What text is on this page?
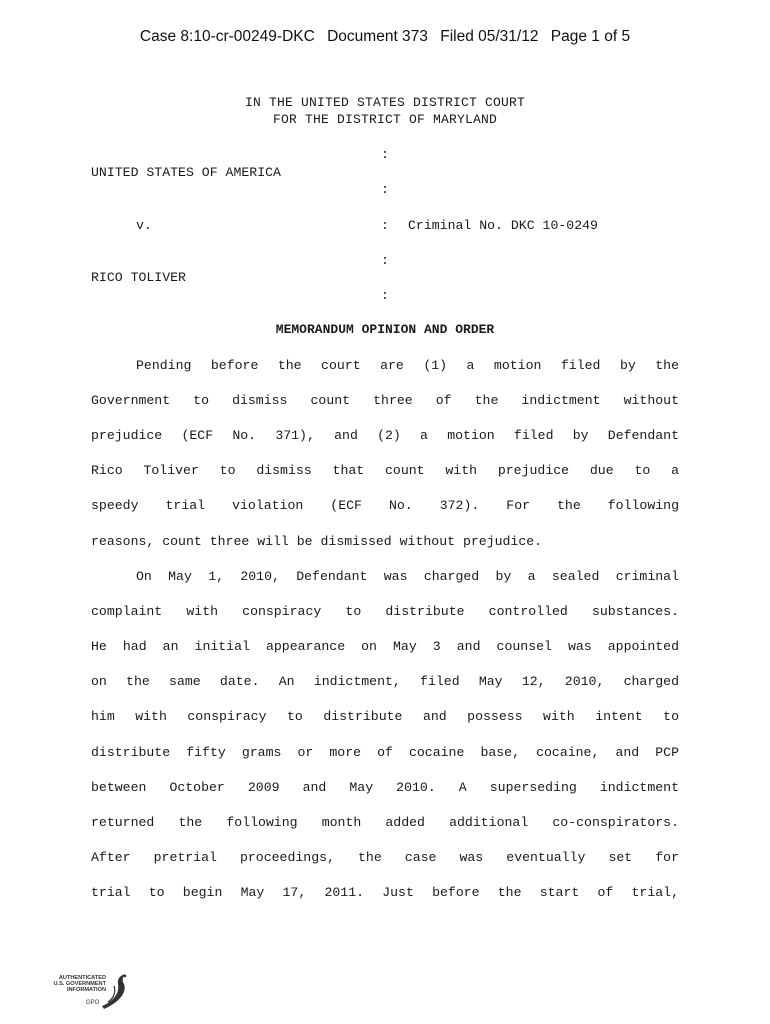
Case 8:10-cr-00249-DKC Document 373 Filed 05/31/12 Page 1 of 5
IN THE UNITED STATES DISTRICT COURT
FOR THE DISTRICT OF MARYLAND
:
:
:
:
:
UNITED STATES OF AMERICA
v.	Criminal No. DKC 10-0249
RICO TOLIVER
MEMORANDUM OPINION AND ORDER
Pending before the court are (1) a motion filed by the
Government to dismiss count three of the indictment without
prejudice (ECF No. 371), and (2) a motion filed by Defendant
Rico Toliver to dismiss that count with prejudice due to a
speedy trial violation (ECF No. 372). For the following
reasons, count three will be dismissed without prejudice.
On May 1, 2010, Defendant was charged by a sealed criminal
complaint with conspiracy to distribute controlled substances.
He had an initial appearance on May 3 and counsel was appointed
on the same date. An indictment, filed May 12, 2010, charged
him with conspiracy to distribute and possess with intent to
distribute fifty grams or more of cocaine base, cocaine, and PCP
between October 2009 and May 2010. A superseding indictment
returned the following month added additional co-conspirators.
After pretrial proceedings, the case was eventually set for
trial to begin May 17, 2011. Just before the start of trial,
AUTHENTICATED
U.S. GOVERNMENT
INFORMATION
GPO
